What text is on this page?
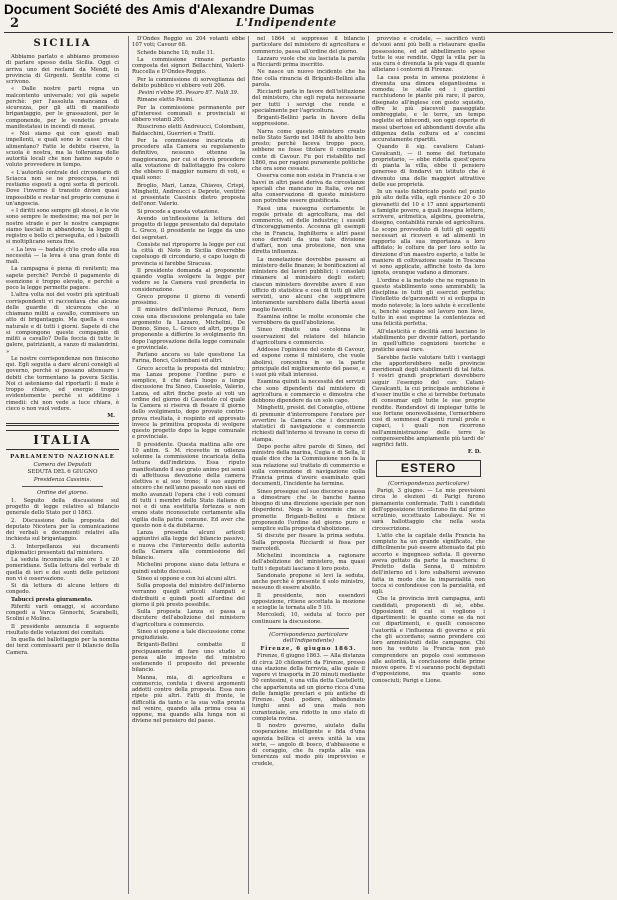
Document Société des Amis d'Alexandre Dumas
2	L'Indipendente
SICILIA

Abbiamo parlato e abbiamo promesso di parlare spesso della Sicilia. Oggi ci arriva uno dei reclami da Mendi, in provincia di Girgenti. Sentite come ci scrivono.

« Dalle nostre parti regna un malcontento universale; voi già sapete perchè: per l'assoluta mancanza di sicurezza, per gli atti di manifesto brigantaggio, per le grassazioni, per le componende, per le vendette private manifestatesi in incendi di messi.

« Noi siamo qui con questi mali impellenti, e quali sono le cause che li alimentano? Fatte le debite riserve, la scuola è nostra, ma la tolleranza delle autorità locali che non hanno saputo o voluto provvedere in tempo.

« L'autorità centrale del circondario di Sciacca non se ne preoccupa, e noi restiamo esposti a ogni sorta di pericoli. Dove l'inverno il transito divien quasi impossibile e restar nel proprio comune è un'angoscia.

« I diritti sono sempre gli stessi, e le vie sono sempre le medesime; ma noi per le nostre strade e per le nostre campagne siamo lasciati in abbandono; la legge di registro e bollo ci perseguita, ed i balzelli si moltiplicano senza fine.

« La leva — badate ch'io credo alla sua necessità — la leva è una gran fonte di mali.

La campagna è piena di renitenti; ma sapete perchè? Perchè il pagamento di esenzione è troppo elevato, e perchè a poco la legge permette pagare.

L'altra volta noi dei vostri più spirituali corrispondenti vi raccontava che alcune delle guardie di sicurezza che si chiamano militi a cavallo, commisero un atto di brigantaggio. Ma quella è cosa naturale e di tutti i giorni. Sapete di che si compongono queste compagnie di militi a cavallo? Della feccia di tutte le galere, patrizianti, a vanzo di malandrini. »

Le nostre corrispondenze non finiscono qui. Egli seguita a dare alcuni consigli al governo, perchè si possano attenuare i debiti che tormentano la povera Sicilia. Noi ci asteniamo dal riportarli: il male è troppo chiaro, ed energie troppo evidentemente perchè si additino i rimedii: chi non vede a luce chiara, è cieco o non vuol vedere.

M.
ITALIA
PARLAMENTO NAZIONALE
Camera dei Deputati
SEDUTA DEL 6 GIUGNO
Presidenza Cassinis.
Ordine del giorno.

1. Seguito della discussione sul progetto di legge relativo al bilancio generale dello Stato per il 1863.

2. Discussione della proposta del deputato Nicotera per la comunicazione dei verbali e documenti relativi alla inchiesta sul brigantaggio.

3. Interpellanza sui documenti diplomatici presentati dal ministero.

La seduta incomincia alle ore 1 e 20 pomeridiane. Sulla lettura del verbale di quella di ieri e dei sunti delle petizioni non vi è osservazione.

Si dà lettura di alcune lettere di congedo.

Tabucci presta giuramento.

Riferiti varii omaggi, si accordano congedi a Varca Ginnochi, Scarabelli, Scolini e Molino.

Il presidente annuncia il seguente risultato delle votazioni dei comitati.

In quella del ballottaggio per la nomina dei terzi commissarii per il bilancio della Camera.

D'Ondes Reggio su 204 votanti ebbe 107 voti; Cavour 68.

Schede bianche 18; nulle 11.

La commissione rimane pertanto composta dei signori Bellacchini, Valerii-Ruccella e D'Ondes-Reggio.

Per la commissione di sorveglianza del debito pubblico vi ebbero voti 206.

Pesini n'ebbe 95. Pesaro 87. Nulli 39.

Rimane eletto Pesini.

Per la commissione permanente per gl'interessi comunali e provinciali si ebbero votanti 205.

Riuscirono eletti Andreucci, Colombani, Baldacchini, Guerrieri e Tratti.

Per la commissione incaricata di procedere alla Camera su regolamento definitivo, nessuno ottenne la maggioranza, per cui si dovrà procedere alla votazione di ballottaggio fra coloro che ebbero il maggior numero di voti, e quali sono:

Broglio, Mari, Lanza, Chiaves, Crispi, Minghetti, Andreucci e Deprete, ventitrè si presentate Cassinis dietro proposta dell'onor. Valerio.

Si procede a questa votazione.

Avendo un'inflessione la lettura del progetto di legge presentato dal deputato L. Greco, il presidente ne legge da uno dei segretari.

Consiste nel riproporre la legge per cui la città di Noto in Sicilia diverrebbe capoluogo di circondario, e capo luogo di provincia si farebbe Siracusa.

Il presidente domanda al proponente quando voglia svolgere la legge per vedere se la Camera vuol prenderla in considerazione.

Greco propone il giorno di venerdì prossimo.

Il ministro dell'interno Peruzzi, fiero cosa una discussione prolungata su tale argomento fa Lazzaro, Michelini, De Donno, Sineo, L. Greco ed altri, prega il proponente a differire lo svolgimento fin dopo l'approvazione della legge comunale e provinciale.

Parlano ancora su tale questione La Farina, Bonci, Colombani ed altri.

Greco accetta la proposta del ministro; ma Lanza propone l'ordine puro e semplice, il che darà luogo a lunga discussione fra Sineo, Cassetolo, Valerio, Lanza, ed altri finche posto ai voti un ordine del giorno di Cassetolo col quale la Camera si riserva di fissare il giorno dello svolgimento, dopo provato contro-prova risultata, è respinto ed approvato invece la primitiva proposta di svolgere questo progetto dopo la legge comunale e provinciale.

Il presidente. Questa mattina alle ore 10 antim. S. M. ricevette in udienza solenne la commissione incaricata della lettura dell'indirizzo. Essa riputo manifestando il suo grato animo pei sensi di affettuosa devozione della camera elettiva e al suo trono; il suo augurio sincero che nell'anno passato non siasi ed molto avanzati l'opera che i voti comuni di tutti i membri dello Stato italiano di noi e di una sostituita fortezza e non erano state riconosciute certamente alla vigilia della patria comune. Ed aver che questo non è da dubitarne.

Lanza presenta alcuni articoli aggiuntivi alla legge del bilancio passivo, e nuova che l'intervento delle autorità della Camera alla commissione del bilancio.

Michelini propone siano data lettura e quindi subito discussi.

Sineo si oppone e con lui alcuni altri.

Sulla proposta del ministro dell'interno verranno quegli articoli stampati e distribuiti e quindi posti all'ordine del giorno il più presto possibile.

Sulla proposta Lanza si passa a discutere dell'abolizione del ministero d'agricoltura e commercio.

Sineo si oppone a tale discussione come pregiudiziale.

Briganti-Bellini combatte il precipuamente di fare uno studio si pensa alle imposte del ministro sostenendo il proposito del presente bilancio.

Manna, mia, di agricoltura e commercio, confuta i diversi argomenti addotti contro della proposta. Essa non ripete più altri. Fatti di fronte, le difficoltà da tanto e la sua volta pronta nel venire, quando alla prima cosa si oppone, ma quando alla lunga non si diviene nel pensiero del paese.

nel 1864 si soppresse il bilancio particolare del ministero di agricoltura e commercio, passa all'ordine del giorno.

Lazzaro vuole che sia lasciata la parola a Ricciardi prima inscritto.

Ne nasce un nuovo incidente che ha fine colla rinuncia di Briganti-Bellini alla parola.

Ricciardi parla in favore dell'istituzione del ministero, che egli reputa necessarie per tutti i servigi che rende e specialmente per l'agricoltura.

Briganti-Bellini parla in favore della soppressione.

Narra come questo ministero creato nello Stato Sardo nel 1848 fu abolito ben presto; perchè faceva troppo poco, sebbene ne fosse titolare il compianto conte di Cavour. Fu poi ristabilito nel 1860, ma per ragioni puramente politiche che ora sono cessate.

Osserva come non esista in Francia e se havvi in altri paesi deriva da circostanze speciali che mancano in Italia, ove nel alta conservazione di questo ministero non potrebbe essere giustificata.

Fassi una rassegna certamente le rogole private di agricoltura, ma del commercio, ed delle industrie; i sussidi d'incoraggiamento. Accenna gli esempii che in Francia, Inghilterra e altri paesi sono derivati da una tale divisione d'affari, non una protezione, non una diretta influenza.

La monetazione dovrebbe passare ai ministero delle finanze; le bonificazioni al ministero dei lavori pubblici; i consolati rimanere al ministero degli esteri; ciascun ministero dovrebbe avere il suo ufficio di statistica e così di tutti gli altri servizii, uno alcuni che sopprimere interamente sarebbero dalla libertà assai meglio favoriti.

Esamina infine le molte economie che verrebbero da quell'abolizione.

Sineo ribatte una colonna le osservazioni del relatore del bilancio d'agricoltura e commercio.

Addosse l'opinione del conte di Cavour, ed espone come il ministero, che vuole abolirsi, concentra in se la parte principale del miglioramento del paese, e i suoi più vitali interessi.

Esamina quindi la necessità dei servizii che sono dipendenti dal ministero di agricoltura e commercio e dimostra che debbono dipendere da un solo capo.

Minghetti, presid. del Consiglio, ottiene di premunir d'interrompere l'oratore per avvertire la Camera che i documenti statistici di navigazione e commercio richiesti dall'interno si trovano in corso di stampa.

Dopo poche altre parole di Sineo, del ministro della marina, Cugia e di Sella, il quale dice che la Commissione non fa la sua relazione sul trattato di commercio e sulla convenzione di navigazione colla Francia prima d'avere esaminato quei documenti, l'incidente ha termine.

Sineo prosegue sul suo discorso e passa a dimostrare che le banche hanno bisogno di una direzione speciale per non disperdersi. Nega le economie che si promette Briganti-Bellini e finisce proponendo l'ordine del giorno puro e semplice sulla proposta d'abolizione.

Si discute per fissare la prima seduta. Sulla proposta Ricciardi si fissa per mercoledì.

Michelini incomincia a ragionare dell'abolizione del ministero, ma quasi tutti i deputati lasciano il loro posto.

Sandonato propone si levi la seduta, anche perchè è presente il solo ministro, nessuno di essere abolito.

Il presidente, non essendovi opposizione, ritiene accettata la mozione e scioglie la tornata alle 5 10.

Mercoledì, 10, seduta al tocco per continuare la discussione.

(Corrispondenza particolare dell'Indipendente)
Firenze, 6 giugno 1863.

Firenze, 6 giugno 1863. — Alla distanza di circa 20 chilometri da Firenze, presso una stazione della ferrovia, alla quale il vapore vi trasporta in 20 minuti mediante 50 centesimi, è una villa detta Castelletti, che appartenuta ad un giorno ricca d'una delle famiglie preclari e più antiche di Firenze. Quel podere, abbandonato lunghi anni ad una mala non curanteziale, era ridotto in uno stato di completa rovina.

Il nostro governo, aiutato dalla cooperazione intelligente e fida d'una agenzia bellica ci aveva unità la sua sorte, — angolo di bosco, d'abbassone e di coraggio, che fu rapita alla sua tenerezza sul modo più improvviso e crudele,

provviso e crudele, — sacrificò venti de'suoi anni più belli a ristaurare quella possessione, ed ad abbellimento spese tutte le sue rendite. Oggi la villa per la sua cura è divenuta la più vaga di quante allietano i contorni di Firenze.

La casa posta in amena posizione è divenuta una dimora elegantissima e comoda; le stalle ed i giardini racchiudono le piante più rare; il parco, disegnato all'inglese con gusto squisito, offre le più piacevoli passeggiate ombreggiate, e le terre, un tempo neglette ed infecondi, son oggi coperte di messi ubertose ed abbondanti dovute alla diligenza della coltura ed a' concimi accuratamente ripartiti.

Quando il sig. cavaliere Catani-Cavalcanti, — il nome del fortunato proprietario, — ebbe ridotta quest'opera di pianta la villa, ebbe il pensiero generoso di fondarvi un istituto che è divenuto una delle maggiori attrattive delle sue proprietà.

In un vasto fabbricato posto nel punto più alto della villa, egli riunisce 20 o 30 giovanetti del 10 e 17 anni appartenenti a famiglie povere, a quali insegna lettere, scrivere, aritmetica, algebra, geometria, disegno, contabilità rurale ed agricoltura. Lo scopo provveduto di tutti gli oggetti necessari ai ricoveri e ad alimenti in rapporto alla sua importanza a loro affidato; le colture da per loro sotto la direzione d'un maestro esperto, e tutte le maniere di coltivazione usate in Toscana vi sono applicate, affinchè tosto da loro ignota, ovunque vadano a dimorare.

L'ordine e la metodo che ne regnano in questo stabilimento sono ammirabili; la disciplina in tutti gli esercizi perfetta; l'intelletto de'garzonetti vi si sviluppa in modo notevole; la loro salute è eccellente e, benchè sognano sol lavoro non lieve, tutto in essi esprime la contentezza ed una felicità perfetta.

All'elasticità e docilità anni lasciano lo stabilimento per divenir fattori, portando in quell'ufficio cognizioni teoriche e pratiche assai rare.

Sarebbe facile valutare tutti i vantaggi che apporterebbero nelle provincie meridionali degli stabilimenti di tal fatta. I vostri grandi proprietari dovrebbero seguir l'esempio del cav. Catani-Cavalcanti, la cui principale ambizione è d'esser inutile e che si terrebbe fortunato di consumar egli tutte le sue proprie rendite. Rendendovi di impiegar tutte le sue fortune onorevolissime, l'ermerbbero così di sommessi d'agenti rurali prole e capaci, i quali non ricorrono nell'amministrazione delle terre le compenserebbe ampiamente più tardi de' sagrifici fatti.

F. D.
ESTERO
(Corrispondenza particolare)

Parigi, 3 giugno. — Le mie previsioni circa le elezioni di Parigi furono pienamente confermate. Tutti i candidati dell'opposizione trionfarono fin dal primo scrutinio, eccettuato Laboulaye. Ne vi sarà ballottaggio che nella sesta circoscrizione.

L'atto che la capitale della Francia ha compiuto ha un grande significato, che difficilmente può essere attenuato dal più accorto e ingegnoso sofista. Il governo aveva gettato da parte la maschera: il Prefetto della Senna, il ministro dell'interno ed i loro subalterni avevano fatta in modo che la imparzialità non tocca si confondesse con la parzialità, ed egli.

Che la provincia invii campagna, anti candidati, proponenti di sè, ebbe. Opposizioni di cui si vogliono i dipartimenti: le quante come se da noi coi dipartimenti, e quelli conoscono l'autorità e l'influenza di governo e più che gli accordano; sanno prendere coi loro amministrati delle campagne. Chi non ha veduto la Francia non può comprendere un popolo cosi sommesso alle autorità, la conclusione delle prime nuove opere. E vi saranno pochi deputati d'opposizione, ma quanto sono conosciuti; Parigi e Lione.
